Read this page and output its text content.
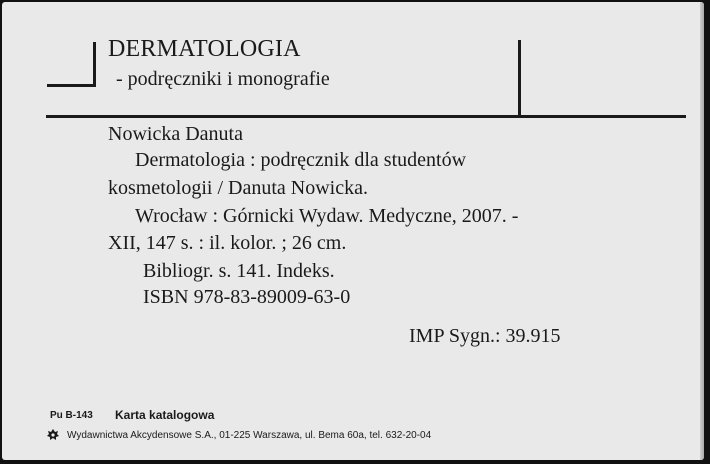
DERMATOLOGIA
- podręczniki i monografie
Nowicka Danuta
Dermatologia : podręcznik dla studentów
kosmetologii / Danuta Nowicka.
Wrocław : Górnicki Wydaw. Medyczne, 2007. -
XII, 147 s. : il. kolor. ; 26 cm.
Bibliogr. s. 141. Indeks.
ISBN 978-83-89009-63-0
IMP Sygn.: 39.915
Pu B-143 Karta katalogowa
Wydawnictwa Akcydensowe S.A., 01-225 Warszawa, ul. Bema 60a, tel. 632-20-04
